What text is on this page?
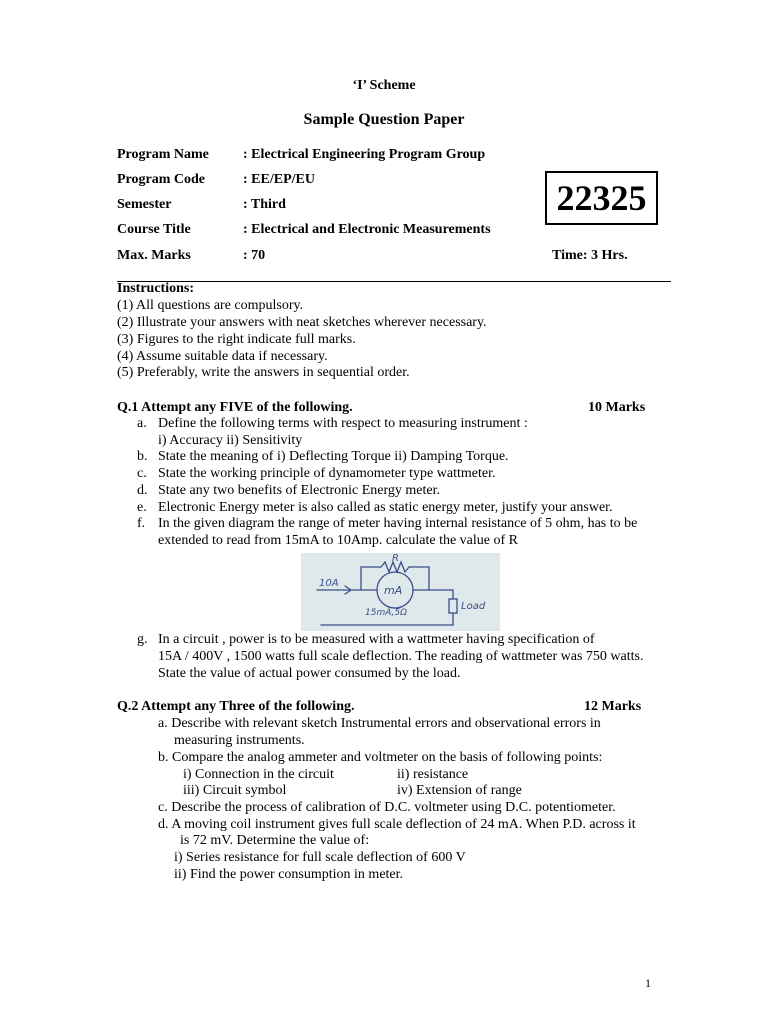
‘I’ Scheme
Sample Question Paper
Program Name : Electrical Engineering Program Group
Program Code	: EE/EP/EU
Semester	: Third
Course Title	: Electrical and Electronic Measurements
Max. Marks	: 70	Time: 3 Hrs.
22325
Instructions:
(1) All questions are compulsory.
(2) Illustrate your answers with neat sketches wherever necessary.
(3) Figures to the right indicate full marks.
(4) Assume suitable data if necessary.
(5) Preferably, write the answers in sequential order.
Q.1 Attempt any FIVE of the following.	10 Marks
a. Define the following terms with respect to measuring instrument :
i) Accuracy ii) Sensitivity
b. State the meaning of i) Deflecting Torque ii) Damping Torque.
c. State the working principle of dynamometer type wattmeter.
d. State any two benefits of Electronic Energy meter.
e. Electronic Energy meter is also called as static energy meter, justify your answer.
f. In the given diagram the range of meter having internal resistance of 5 ohm, has to be
extended to read from 15mA to 10Amp. calculate the value of R
10A
R
mA
15mA,5Ω
Load
g. In a circuit , power is to be measured with a wattmeter having specification of
15A / 400V , 1500 watts full scale deflection. The reading of wattmeter was 750 watts.
State the value of actual power consumed by the load.
Q.2 Attempt any Three of the following.	12 Marks
a. Describe with relevant sketch Instrumental errors and observational errors in
measuring instruments.
b. Compare the analog ammeter and voltmeter on the basis of following points:
i) Connection in the circuit	ii) resistance
iii) Circuit symbol	iv) Extension of range
c. Describe the process of calibration of D.C. voltmeter using D.C. potentiometer.
d. A moving coil instrument gives full scale deflection of 24 mA. When P.D. across it
is 72 mV. Determine the value of:
i) Series resistance for full scale deflection of 600 V
ii) Find the power consumption in meter.
1
